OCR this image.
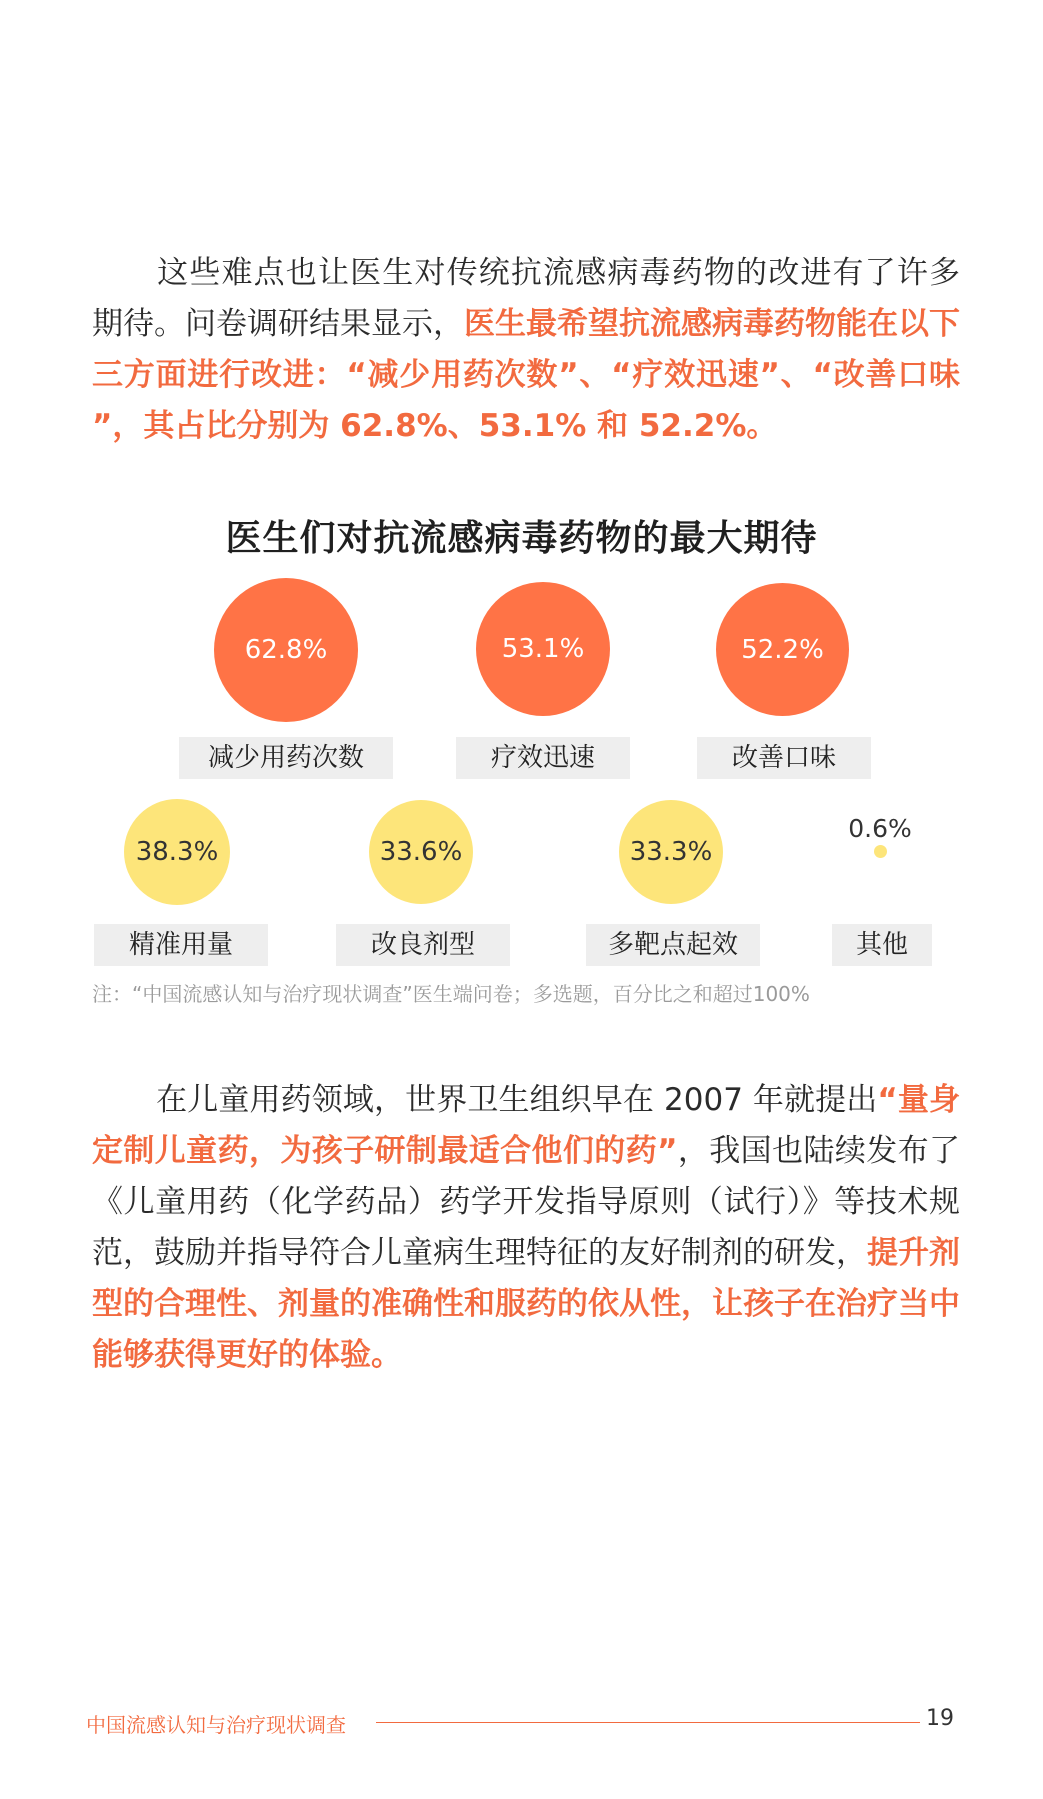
这些难点也让医生对传统抗流感病毒药物的改进有了许多期待。问卷调研结果显示，医生最希望抗流感病毒药物能在以下三方面进行改进：“减少用药次数”、“疗效迅速”、“改善口味 ”，其占比分别为 62.8%、53.1% 和 52.2%。
医生们对抗流感病毒药物的最大期待
62.8%
减少用药次数
53.1%
疗效迅速
52.2%
改善口味
38.3%
精准用量
33.6%
改良剂型
33.3%
多靶点起效
0.6%
其他
注：“中国流感认知与治疗现状调查”医生端问卷；多选题，百分比之和超过100%
在儿童用药领域，世界卫生组织早在 2007 年就提出“量身定制儿童药，为孩子研制最适合他们的药”，我国也陆续发布了《儿童用药（化学药品）药学开发指导原则（试行）》等技术规范，鼓励并指导符合儿童病生理特征的友好制剂的研发，提升剂型的合理性、剂量的准确性和服药的依从性，让孩子在治疗当中能够获得更好的体验。
中国流感认知与治疗现状调查	19
